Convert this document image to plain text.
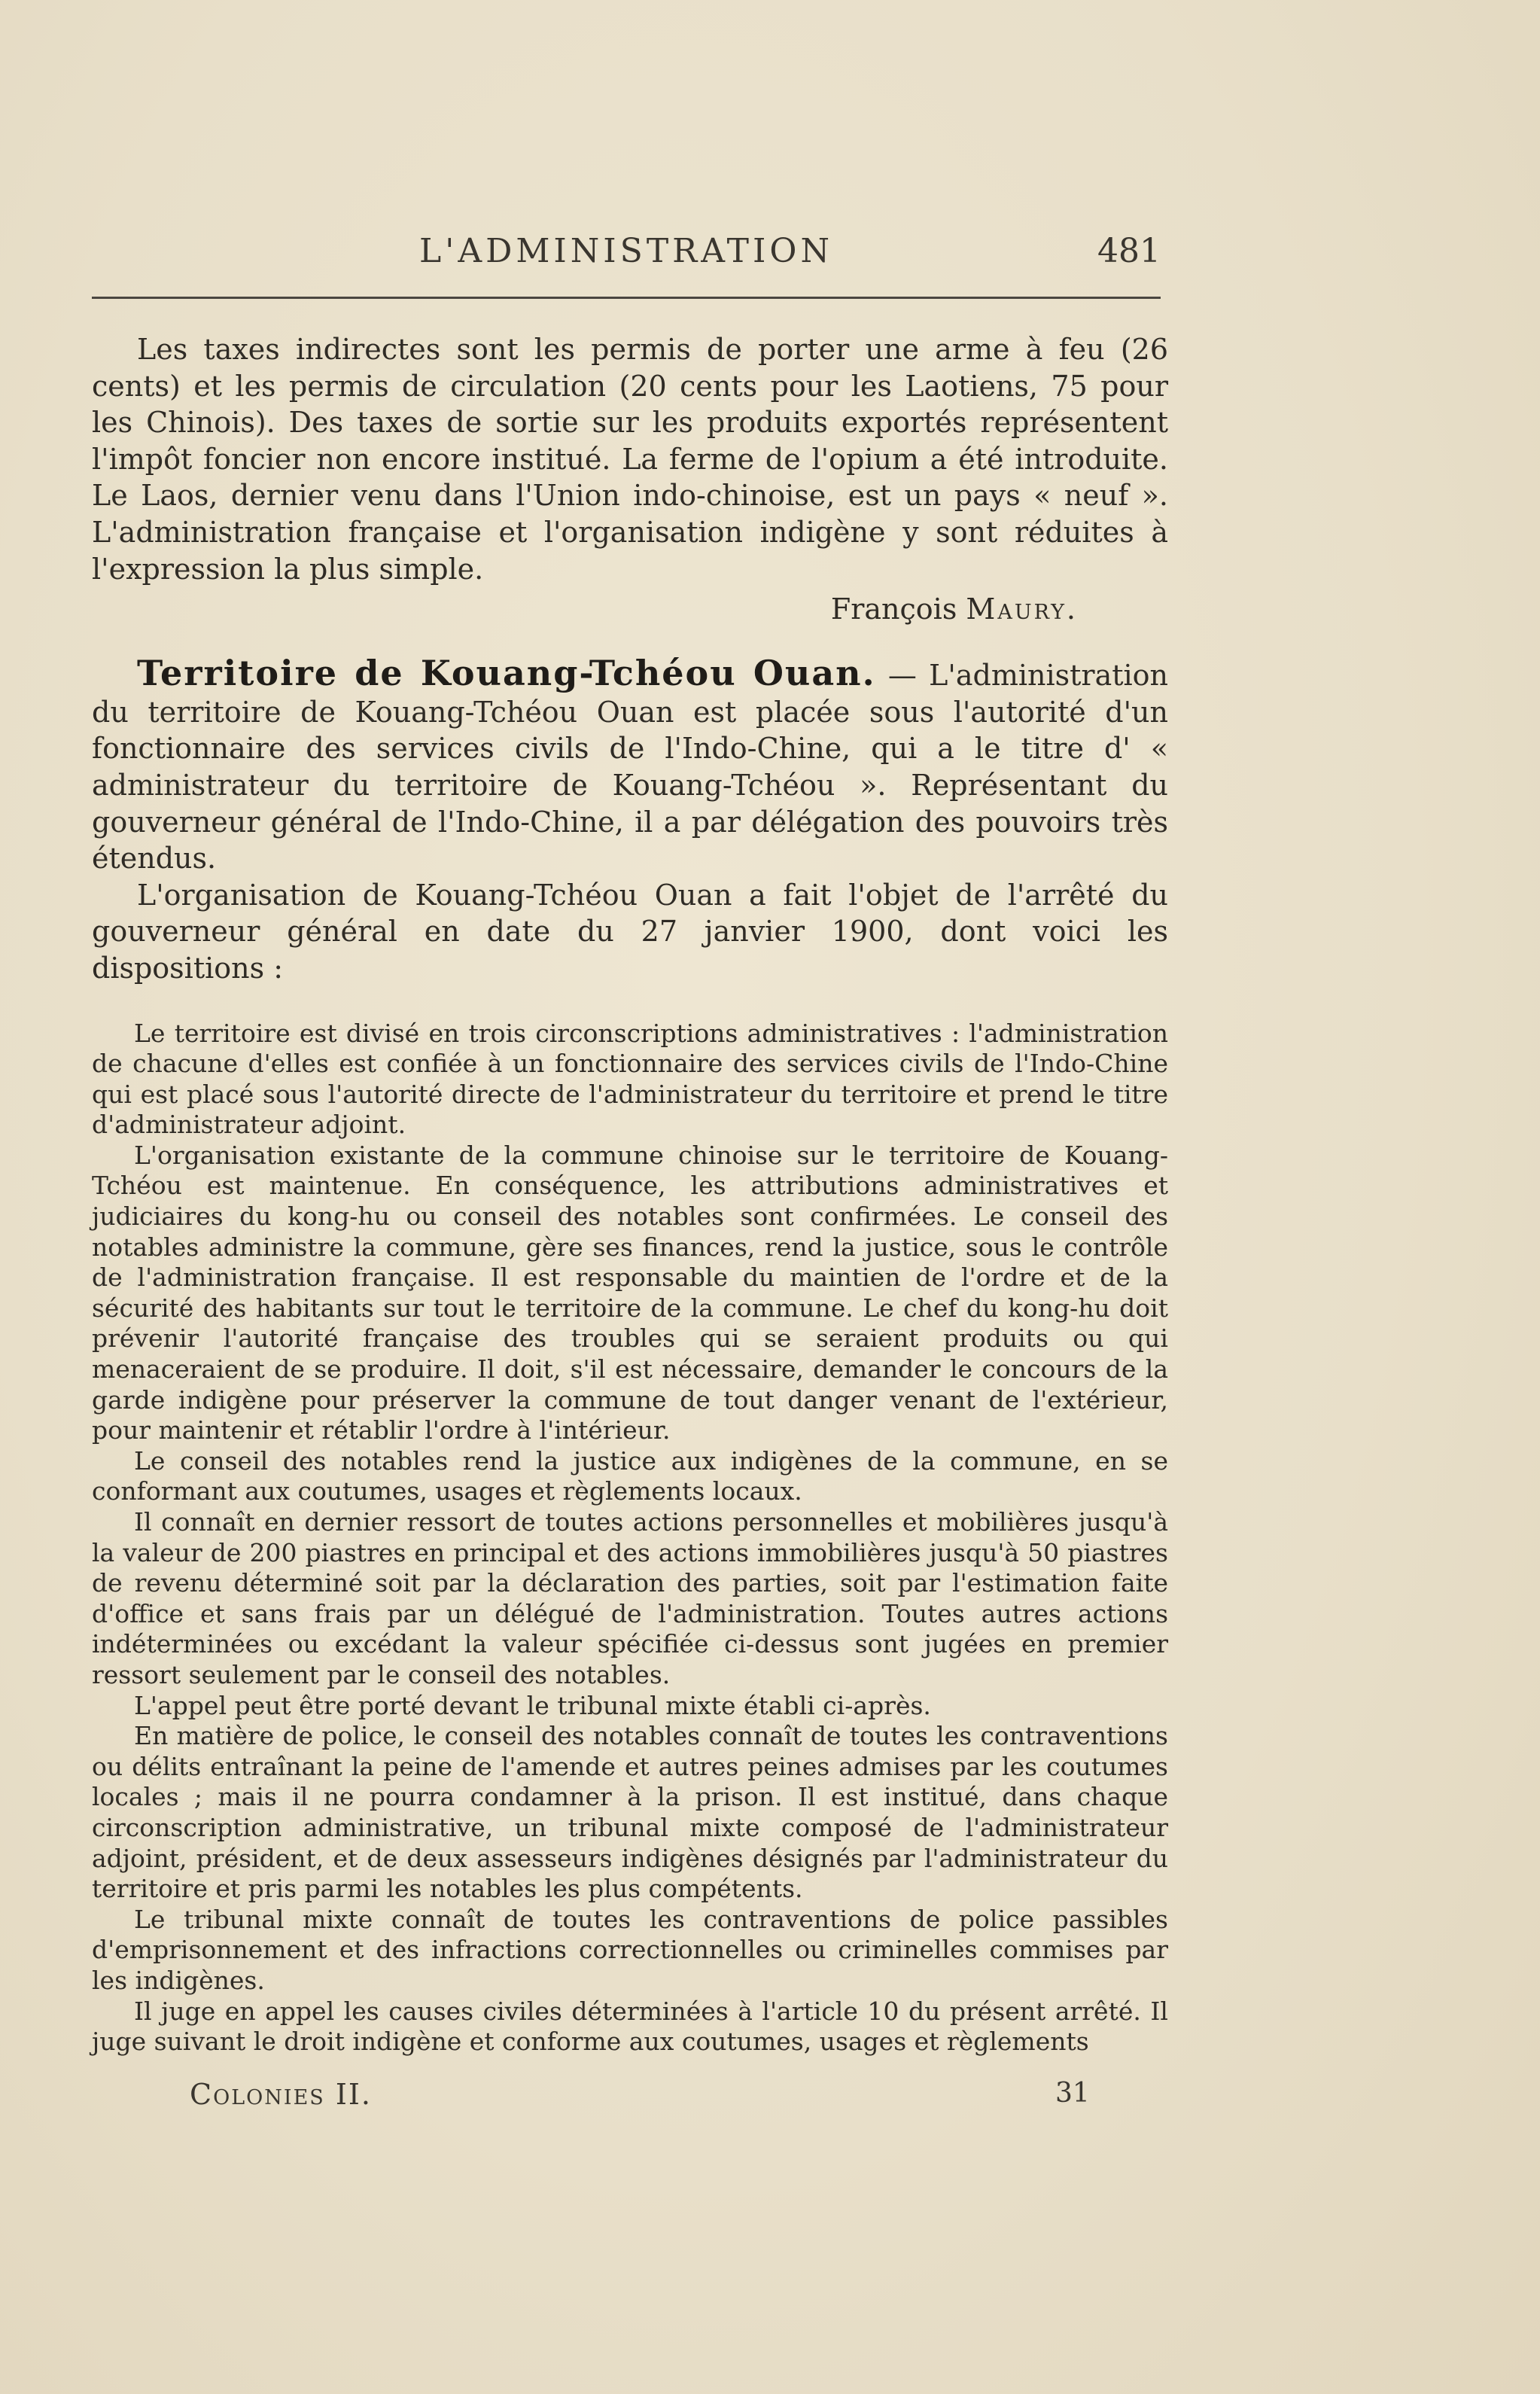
L'ADMINISTRATION	481

Les taxes indirectes sont les permis de porter une arme à feu (26 cents) et les permis de circulation (20 cents pour les Laotiens, 75 pour les Chinois). Des taxes de sortie sur les produits exportés représentent l'impôt foncier non encore institué. La ferme de l'opium a été introduite. Le Laos, dernier venu dans l'Union indo-chinoise, est un pays « neuf ». L'administration française et l'organisation indigène y sont réduites à l'expression la plus simple.

François Maury.

Territoire de Kouang-Tchéou Ouan. — L'administration du territoire de Kouang-Tchéou Ouan est placée sous l'autorité d'un fonctionnaire des services civils de l'Indo-Chine, qui a le titre d' « administrateur du territoire de Kouang-Tchéou ». Représentant du gouverneur général de l'Indo-Chine, il a par délégation des pouvoirs très étendus.

L'organisation de Kouang-Tchéou Ouan a fait l'objet de l'arrêté du gouverneur général en date du 27 janvier 1900, dont voici les dispositions :

Le territoire est divisé en trois circonscriptions administratives : l'administration de chacune d'elles est confiée à un fonctionnaire des services civils de l'Indo-Chine qui est placé sous l'autorité directe de l'administrateur du territoire et prend le titre d'administrateur adjoint.

L'organisation existante de la commune chinoise sur le territoire de Kouang-Tchéou est maintenue. En conséquence, les attributions administratives et judiciaires du kong-hu ou conseil des notables sont confirmées. Le conseil des notables administre la commune, gère ses finances, rend la justice, sous le contrôle de l'administration française. Il est responsable du maintien de l'ordre et de la sécurité des habitants sur tout le territoire de la commune. Le chef du kong-hu doit prévenir l'autorité française des troubles qui se seraient produits ou qui menaceraient de se produire. Il doit, s'il est nécessaire, demander le concours de la garde indigène pour préserver la commune de tout danger venant de l'extérieur, pour maintenir et rétablir l'ordre à l'intérieur.

Le conseil des notables rend la justice aux indigènes de la commune, en se conformant aux coutumes, usages et règlements locaux.

Il connaît en dernier ressort de toutes actions personnelles et mobilières jusqu'à la valeur de 200 piastres en principal et des actions immobilières jusqu'à 50 piastres de revenu déterminé soit par la déclaration des parties, soit par l'estimation faite d'office et sans frais par un délégué de l'administration. Toutes autres actions indéterminées ou excédant la valeur spécifiée ci-dessus sont jugées en premier ressort seulement par le conseil des notables.

L'appel peut être porté devant le tribunal mixte établi ci-après.

En matière de police, le conseil des notables connaît de toutes les contraventions ou délits entraînant la peine de l'amende et autres peines admises par les coutumes locales ; mais il ne pourra condamner à la prison. Il est institué, dans chaque circonscription administrative, un tribunal mixte composé de l'administrateur adjoint, président, et de deux assesseurs indigènes désignés par l'administrateur du territoire et pris parmi les notables les plus compétents.

Le tribunal mixte connaît de toutes les contraventions de police passibles d'emprisonnement et des infractions correctionnelles ou criminelles commises par les indigènes.

Il juge en appel les causes civiles déterminées à l'article 10 du présent arrêté. Il juge suivant le droit indigène et conforme aux coutumes, usages et règlements

Colonies II.	31
